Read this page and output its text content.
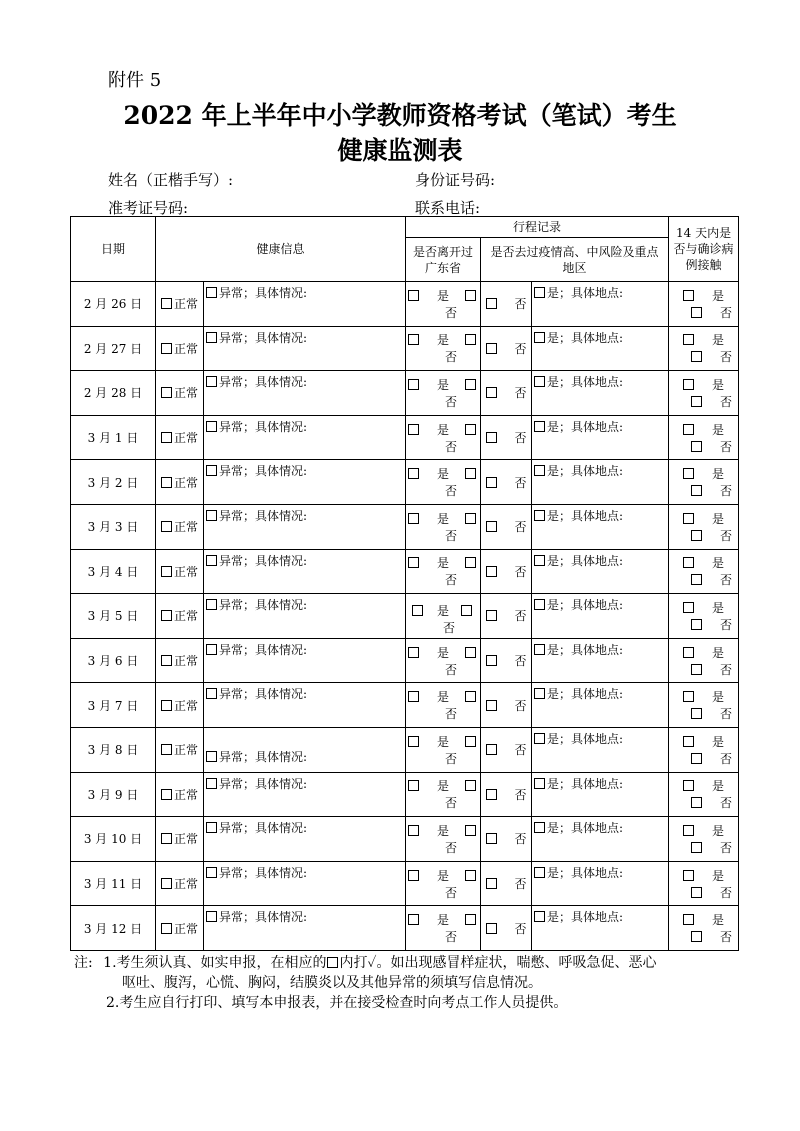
附件 5
2022 年上半年中小学教师资格考试（笔试）考生
健康监测表
姓名（正楷手写）:	身份证号码:
准考证号码:	联系电话:
日期	健康信息		行程记录			14 天内是否与确诊病例接触
			是否离开过广东省	是否去过疫情高、中风险及重点地区		
2 月 26 日	正常	异常；具体情况:	是否	否	是；具体地点:	是否
2 月 27 日	正常	异常；具体情况:	是否	否	是；具体地点:	是否
2 月 28 日	正常	异常；具体情况:	是否	否	是；具体地点:	是否
3 月 1 日	正常	异常；具体情况:	是否	否	是；具体地点:	是否
3 月 2 日	正常	异常；具体情况:	是否	否	是；具体地点:	是否
3 月 3 日	正常	异常；具体情况:	是否	否	是；具体地点:	是否
3 月 4 日	正常	异常；具体情况:	是否	否	是；具体地点:	是否
3 月 5 日	正常	异常；具体情况:	是否	否	是；具体地点:	是否
3 月 6 日	正常	异常；具体情况:	是否	否	是；具体地点:	是否
3 月 7 日	正常	异常；具体情况:	是否	否	是；具体地点:	是否
3 月 8 日	正常	异常；具体情况:	是否	否	是；具体地点:	是否
3 月 9 日	正常	异常；具体情况:	是否	否	是；具体地点:	是否
3 月 10 日	正常	异常；具体情况:	是否	否	是；具体地点:	是否
3 月 11 日	正常	异常；具体情况:	是否	否	是；具体地点:	是否
3 月 12 日	正常	异常；具体情况:	是否	否	是；具体地点:	是否
注: 1.考生须认真、如实申报，在相应的 内打✓。如出现感冒样症状，喘憋、呼吸急促、恶心
呕吐、腹泻，心慌、胸闷，结膜炎以及其他异常的须填写信息情况。
2.考生应自行打印、填写本申报表，并在接受检查时向考点工作人员提供。
